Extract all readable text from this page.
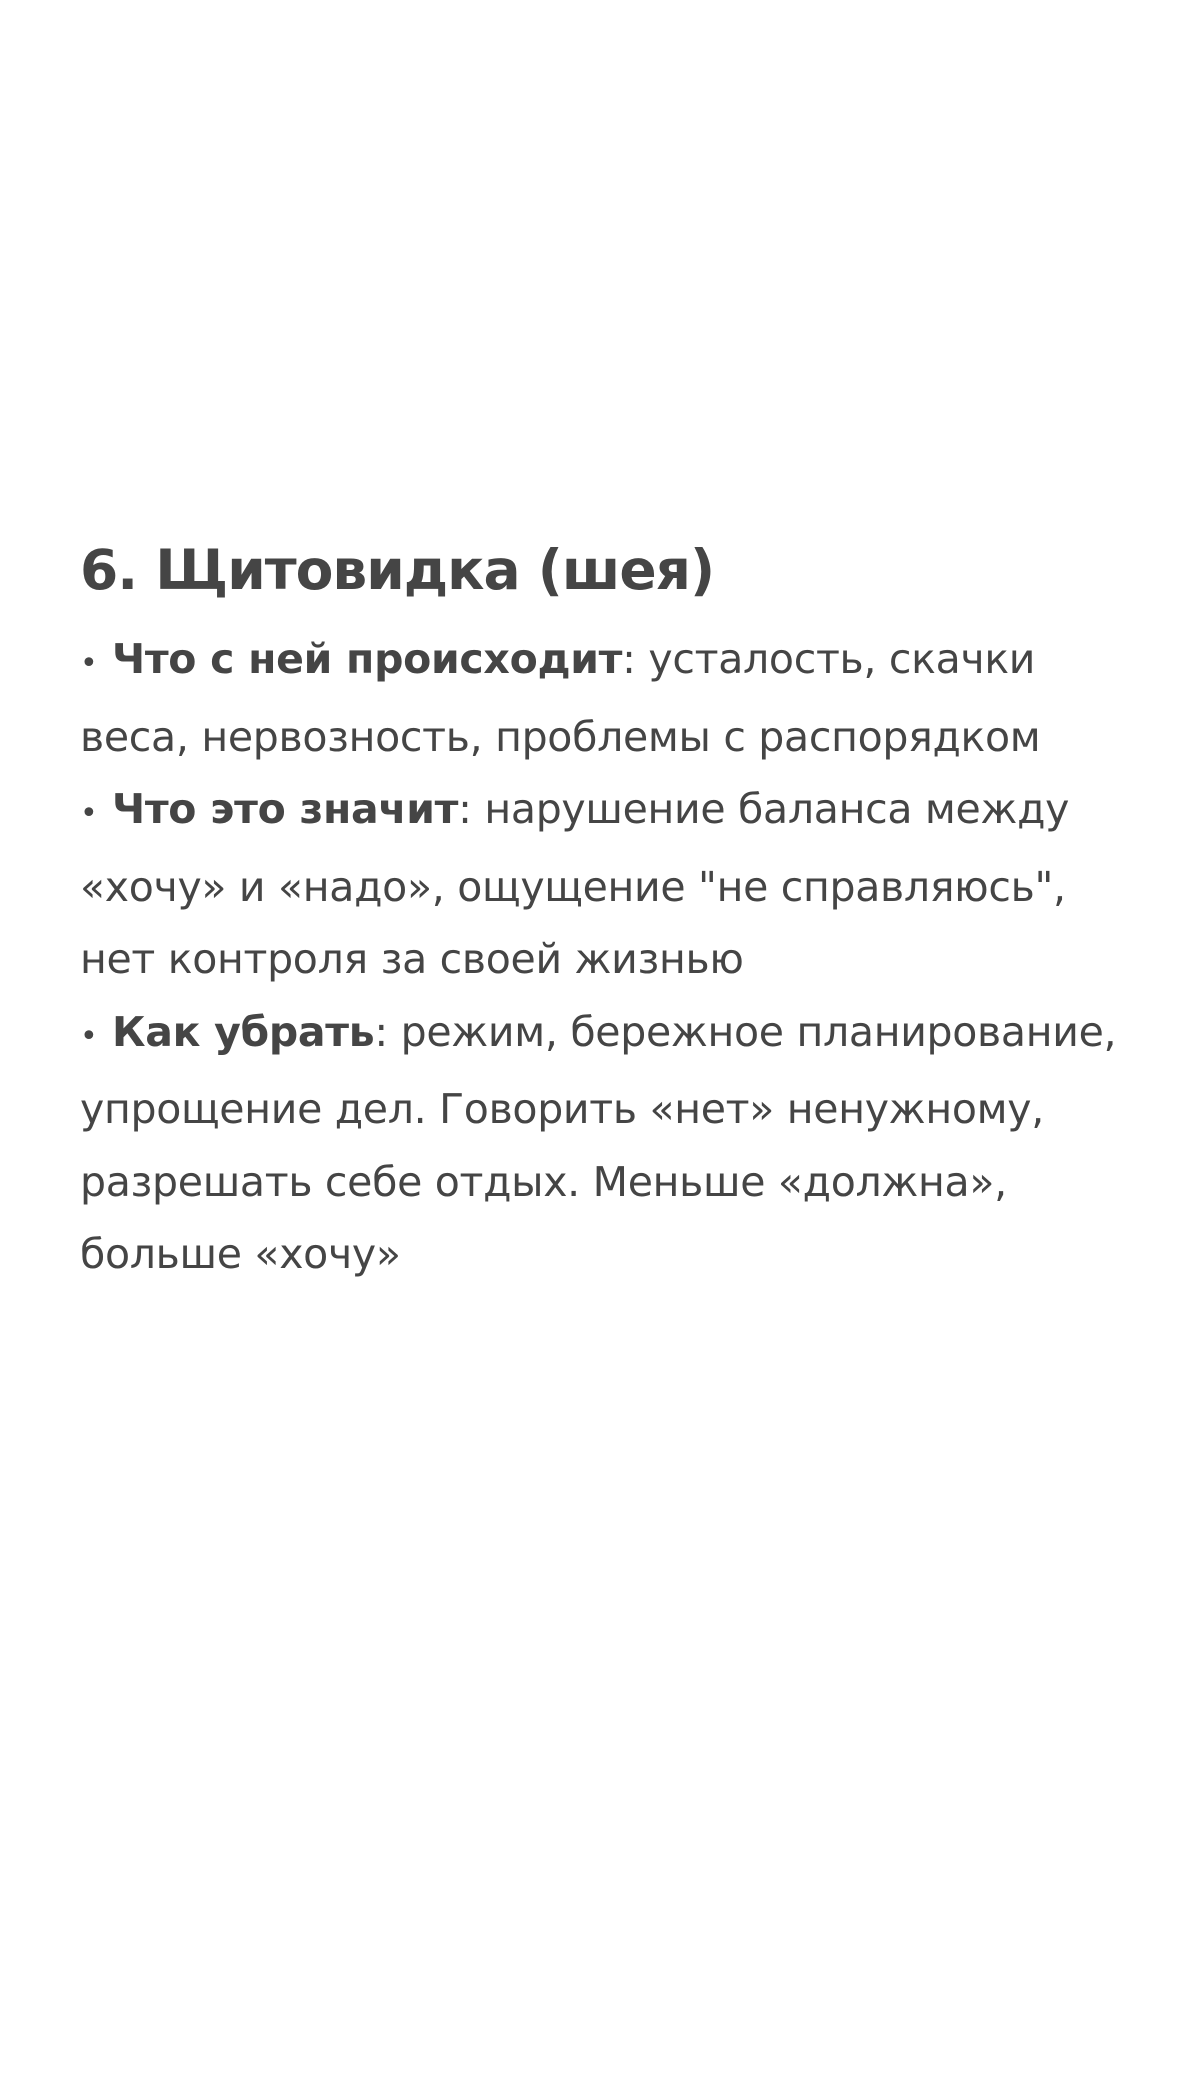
6. Щитовидка (шея)
• Что с ней происходит: усталость, скачки веса, нервозность, проблемы с распорядком
• Что это значит: нарушение баланса между «хочу» и «надо», ощущение "не справляюсь", нет контроля за своей жизнью
• Как убрать: режим, бережное планирование, упрощение дел. Говорить «нет» ненужному, разрешать себе отдых. Меньше «должна», больше «хочу»
